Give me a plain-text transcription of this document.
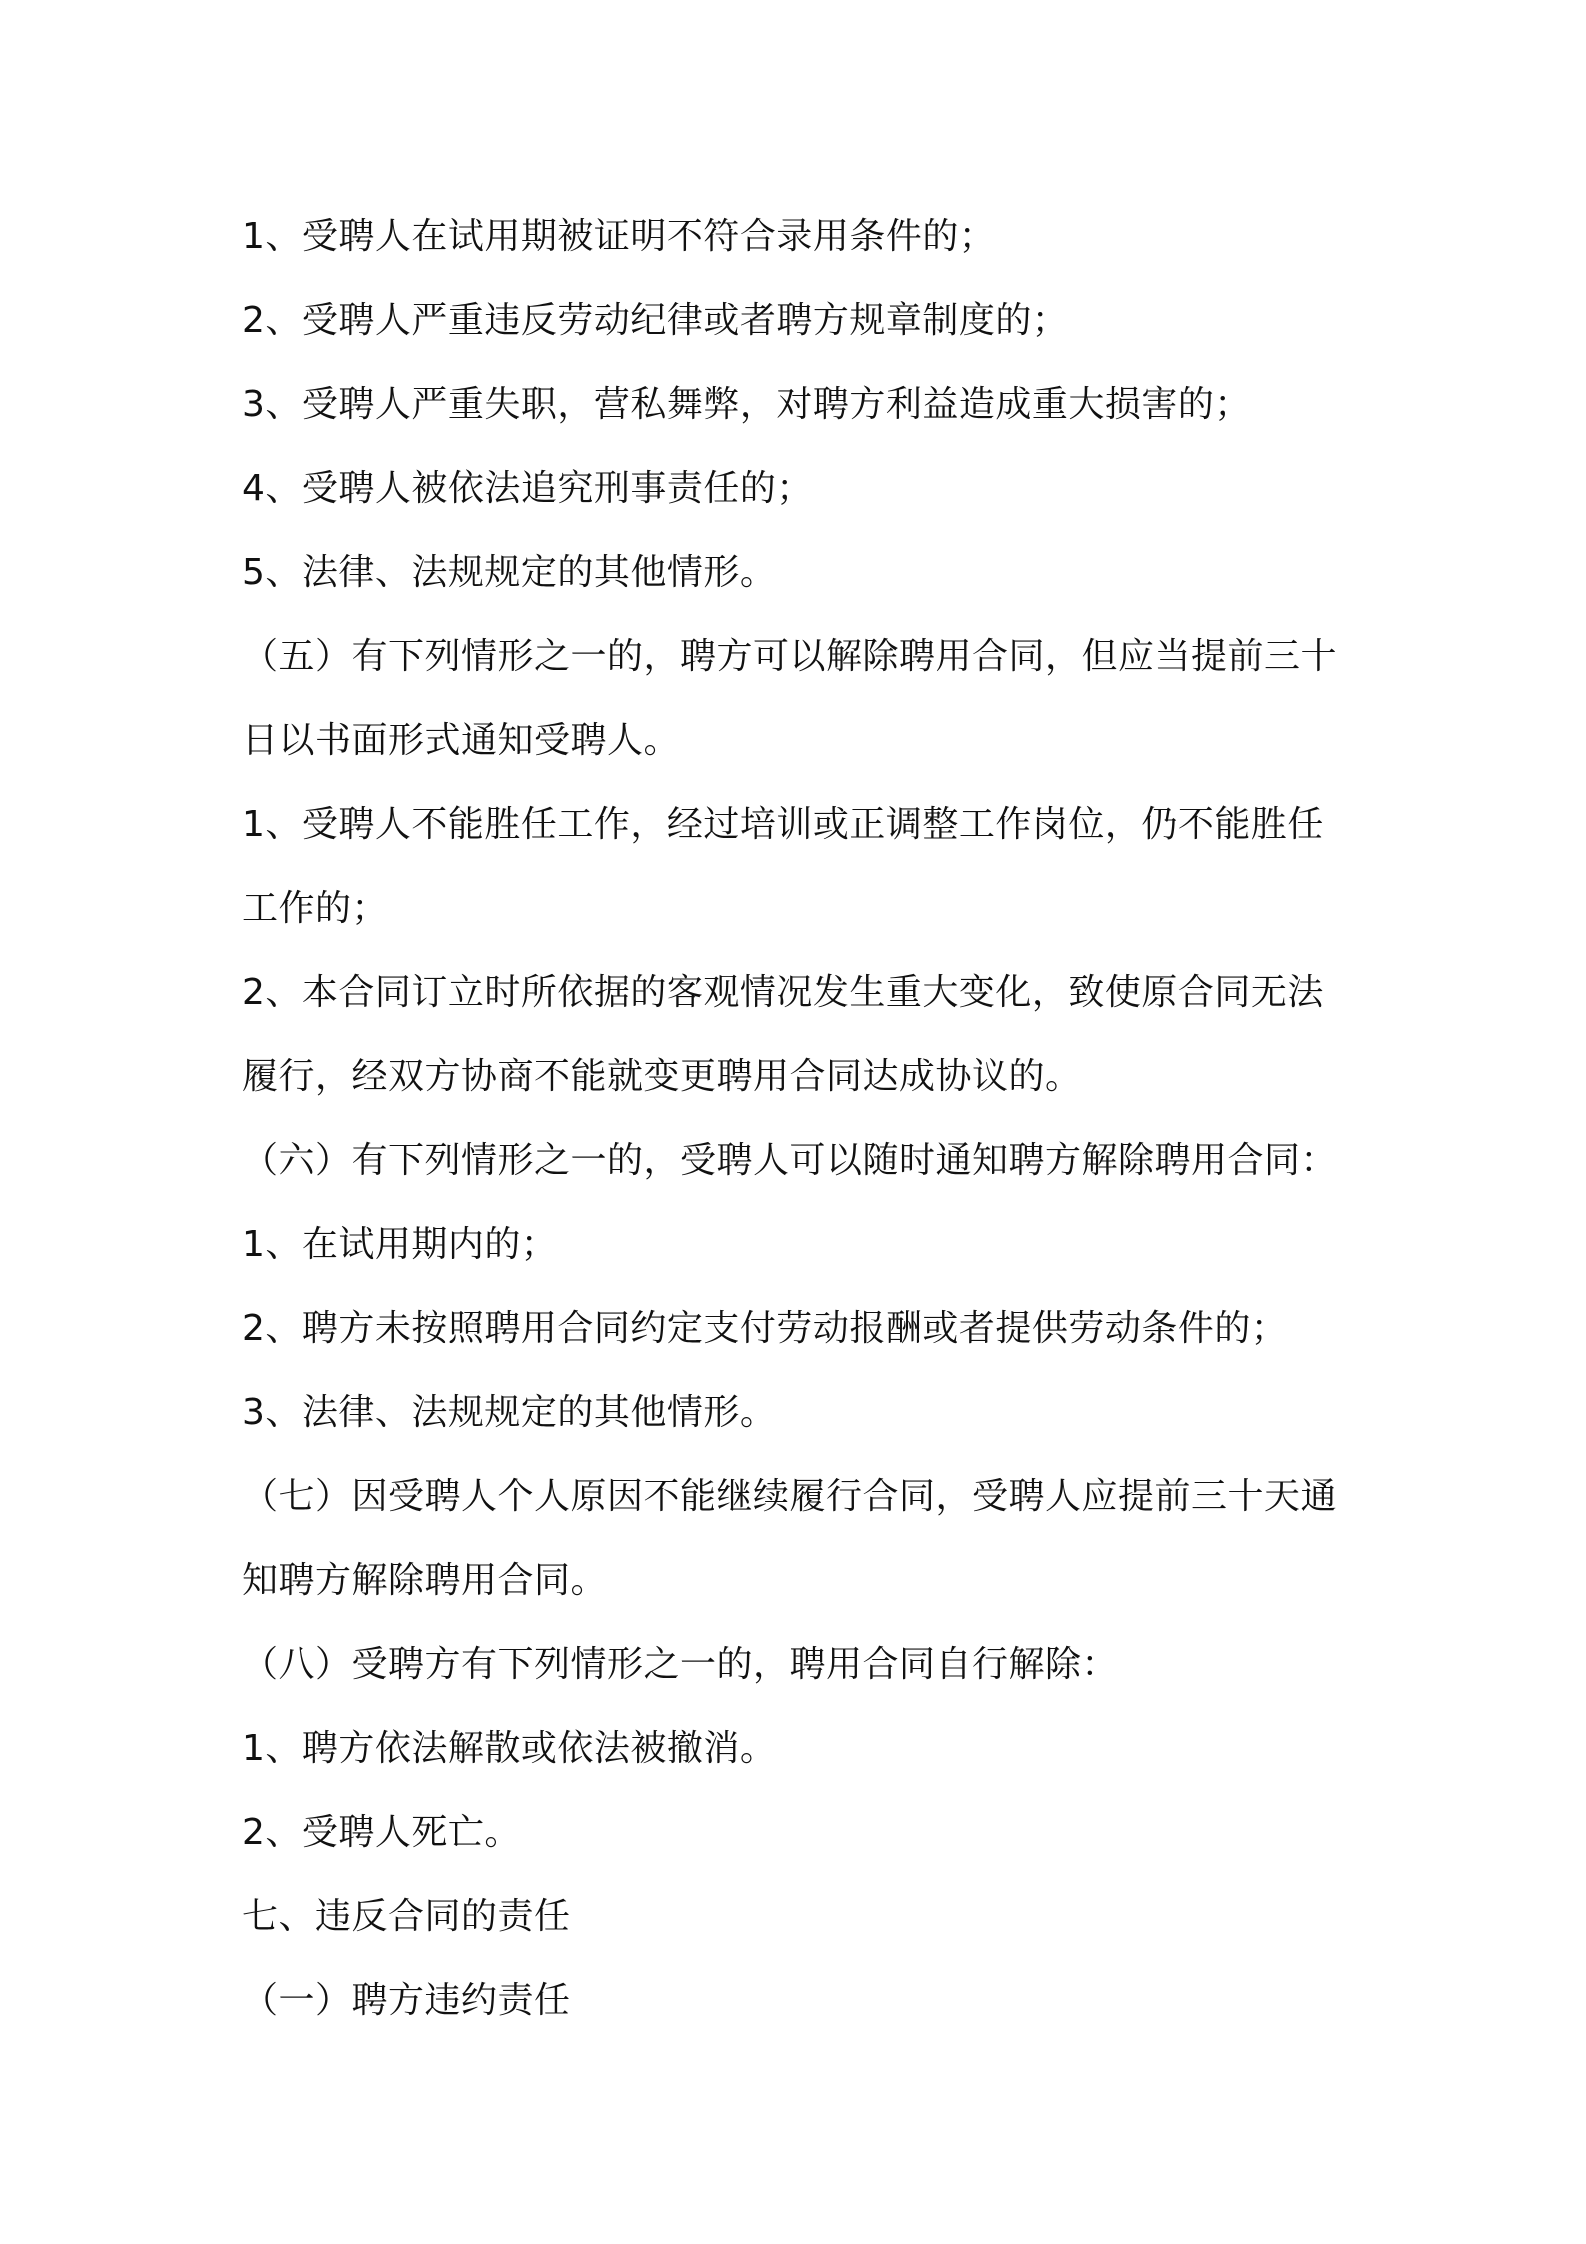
1、受聘人在试用期被证明不符合录用条件的；
2、受聘人严重违反劳动纪律或者聘方规章制度的；
3、受聘人严重失职，营私舞弊，对聘方利益造成重大损害的；
4、受聘人被依法追究刑事责任的；
5、法律、法规规定的其他情形。
（五）有下列情形之一的，聘方可以解除聘用合同，但应当提前三十
日以书面形式通知受聘人。
1、受聘人不能胜任工作，经过培训或正调整工作岗位，仍不能胜任
工作的；
2、本合同订立时所依据的客观情况发生重大变化，致使原合同无法
履行，经双方协商不能就变更聘用合同达成协议的。
（六）有下列情形之一的，受聘人可以随时通知聘方解除聘用合同：
1、在试用期内的；
2、聘方未按照聘用合同约定支付劳动报酬或者提供劳动条件的；
3、法律、法规规定的其他情形。
（七）因受聘人个人原因不能继续履行合同，受聘人应提前三十天通
知聘方解除聘用合同。
（八）受聘方有下列情形之一的，聘用合同自行解除：
1、聘方依法解散或依法被撤消。
2、受聘人死亡。
七、违反合同的责任
（一）聘方违约责任
